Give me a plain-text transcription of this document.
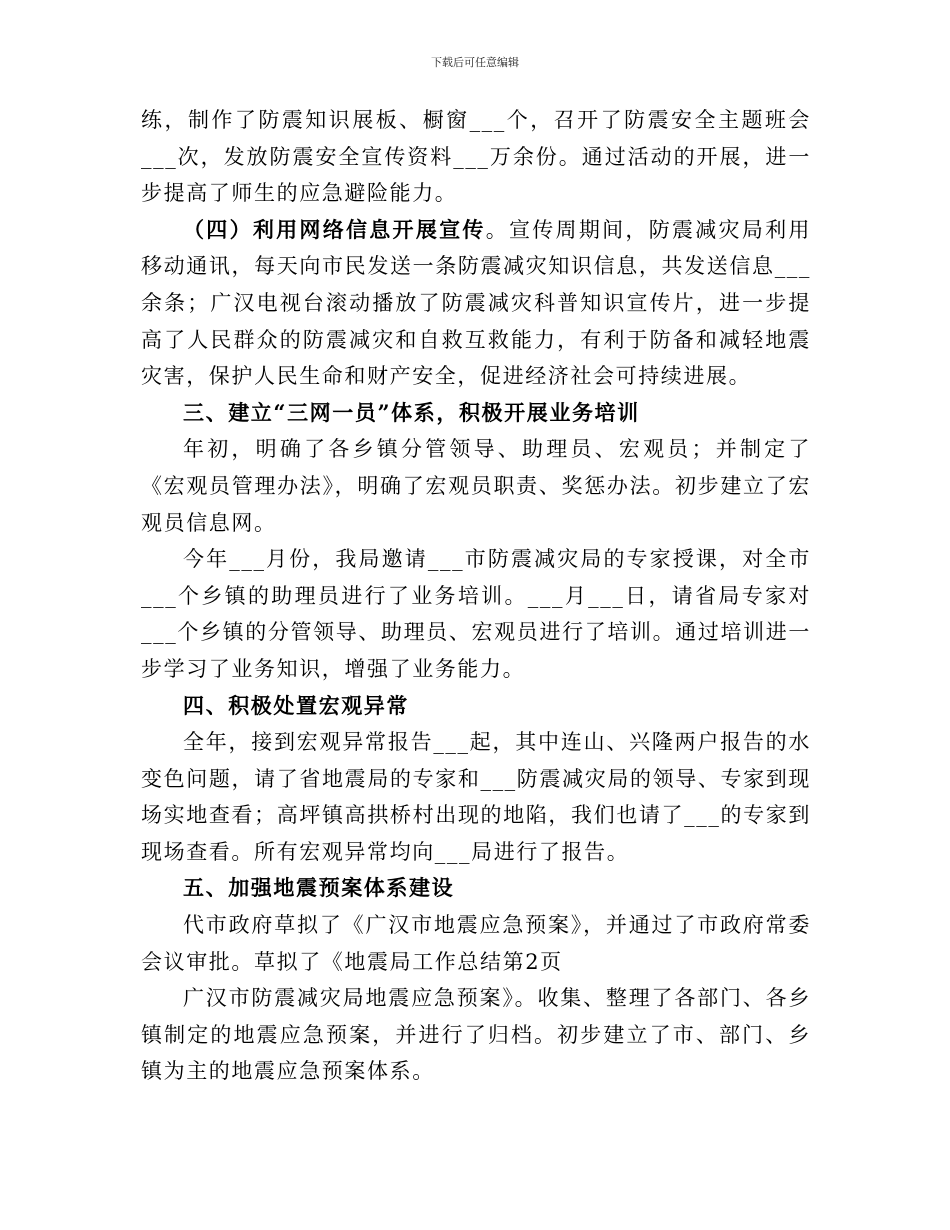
下载后可任意编辑

练，制作了防震知识展板、橱窗___个，召开了防震安全主题班会___次，发放防震安全宣传资料___万余份。通过活动的开展，进一步提高了师生的应急避险能力。

（四）利用网络信息开展宣传。宣传周期间，防震减灾局利用移动通讯，每天向市民发送一条防震减灾知识信息，共发送信息___余条；广汉电视台滚动播放了防震减灾科普知识宣传片，进一步提高了人民群众的防震减灾和自救互救能力，有利于防备和减轻地震灾害，保护人民生命和财产安全，促进经济社会可持续进展。

三、建立“三网一员”体系，积极开展业务培训

年初，明确了各乡镇分管领导、助理员、宏观员；并制定了《宏观员管理办法》，明确了宏观员职责、奖惩办法。初步建立了宏观员信息网。

今年___月份，我局邀请___市防震减灾局的专家授课，对全市___个乡镇的助理员进行了业务培训。___月___日，请省局专家对___个乡镇的分管领导、助理员、宏观员进行了培训。通过培训进一步学习了业务知识，增强了业务能力。

四、积极处置宏观异常

全年，接到宏观异常报告___起，其中连山、兴隆两户报告的水变色问题，请了省地震局的专家和___防震减灾局的领导、专家到现场实地查看；高坪镇高拱桥村出现的地陷，我们也请了___的专家到现场查看。所有宏观异常均向___局进行了报告。

五、加强地震预案体系建设

代市政府草拟了《广汉市地震应急预案》，并通过了市政府常委会议审批。草拟了《地震局工作总结第2页

广汉市防震减灾局地震应急预案》。收集、整理了各部门、各乡镇制定的地震应急预案，并进行了归档。初步建立了市、部门、乡镇为主的地震应急预案体系。
